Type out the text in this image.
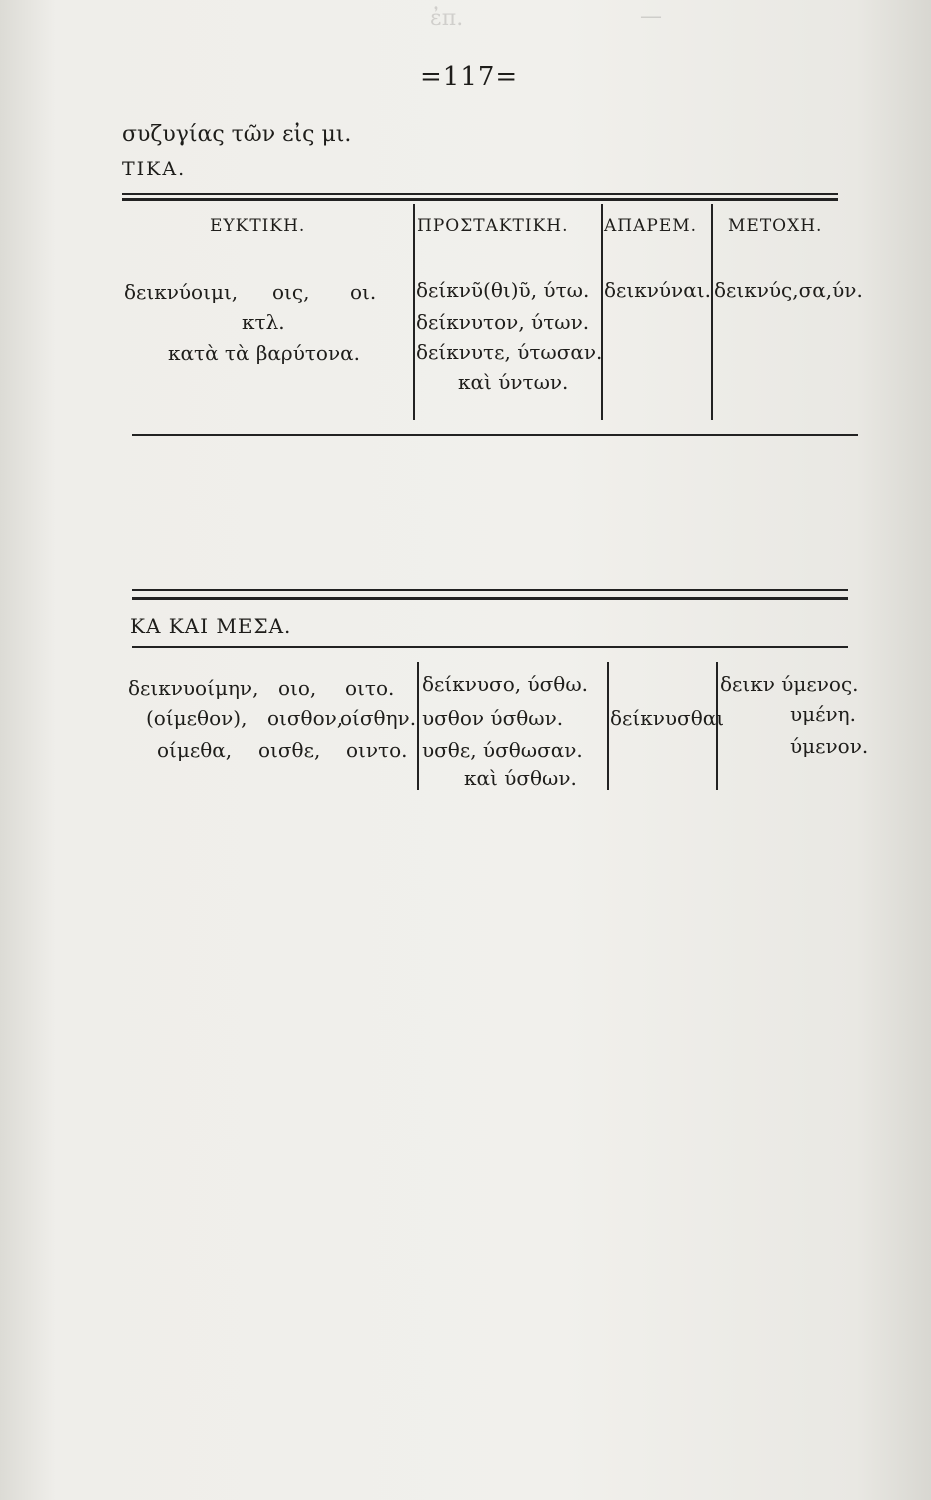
ἐπ.	—
=117=
συζυγίας τῶν εἰς μι.
ΤΙΚΑ.
ΕΥΚΤΙΚΗ.	ΠΡΟΣΤΑΚΤΙΚΗ. ΑΠΑΡΕΜ. ΜΕΤΟΧΗ.
δεικνύοιμι, οις, οι.
κτλ.
κατὰ τὰ βαρύτονα.
δείκνῦ(θι)ῦ, ύτω.
δείκνυτον, ύτων.
δείκνυτε, ύτωσαν.
καὶ ύντων.
δεικνύναι. δεικνύς,σα,ύν.
ΚΑ ΚΑΙ ΜΕΣΑ.
δεικνυοίμην, οιο, οιτο.
(οίμεθον), οισθον,
οίσθην.
οίμεθα, οισθε, οιντο.
δείκνυσο, ύσθω.
υσθον ύσθων.
υσθε, ύσθωσαν.
καὶ ύσθων.
δείκνυσθαι
δεικν ύμενος.
υμένη.
ύμενον.
